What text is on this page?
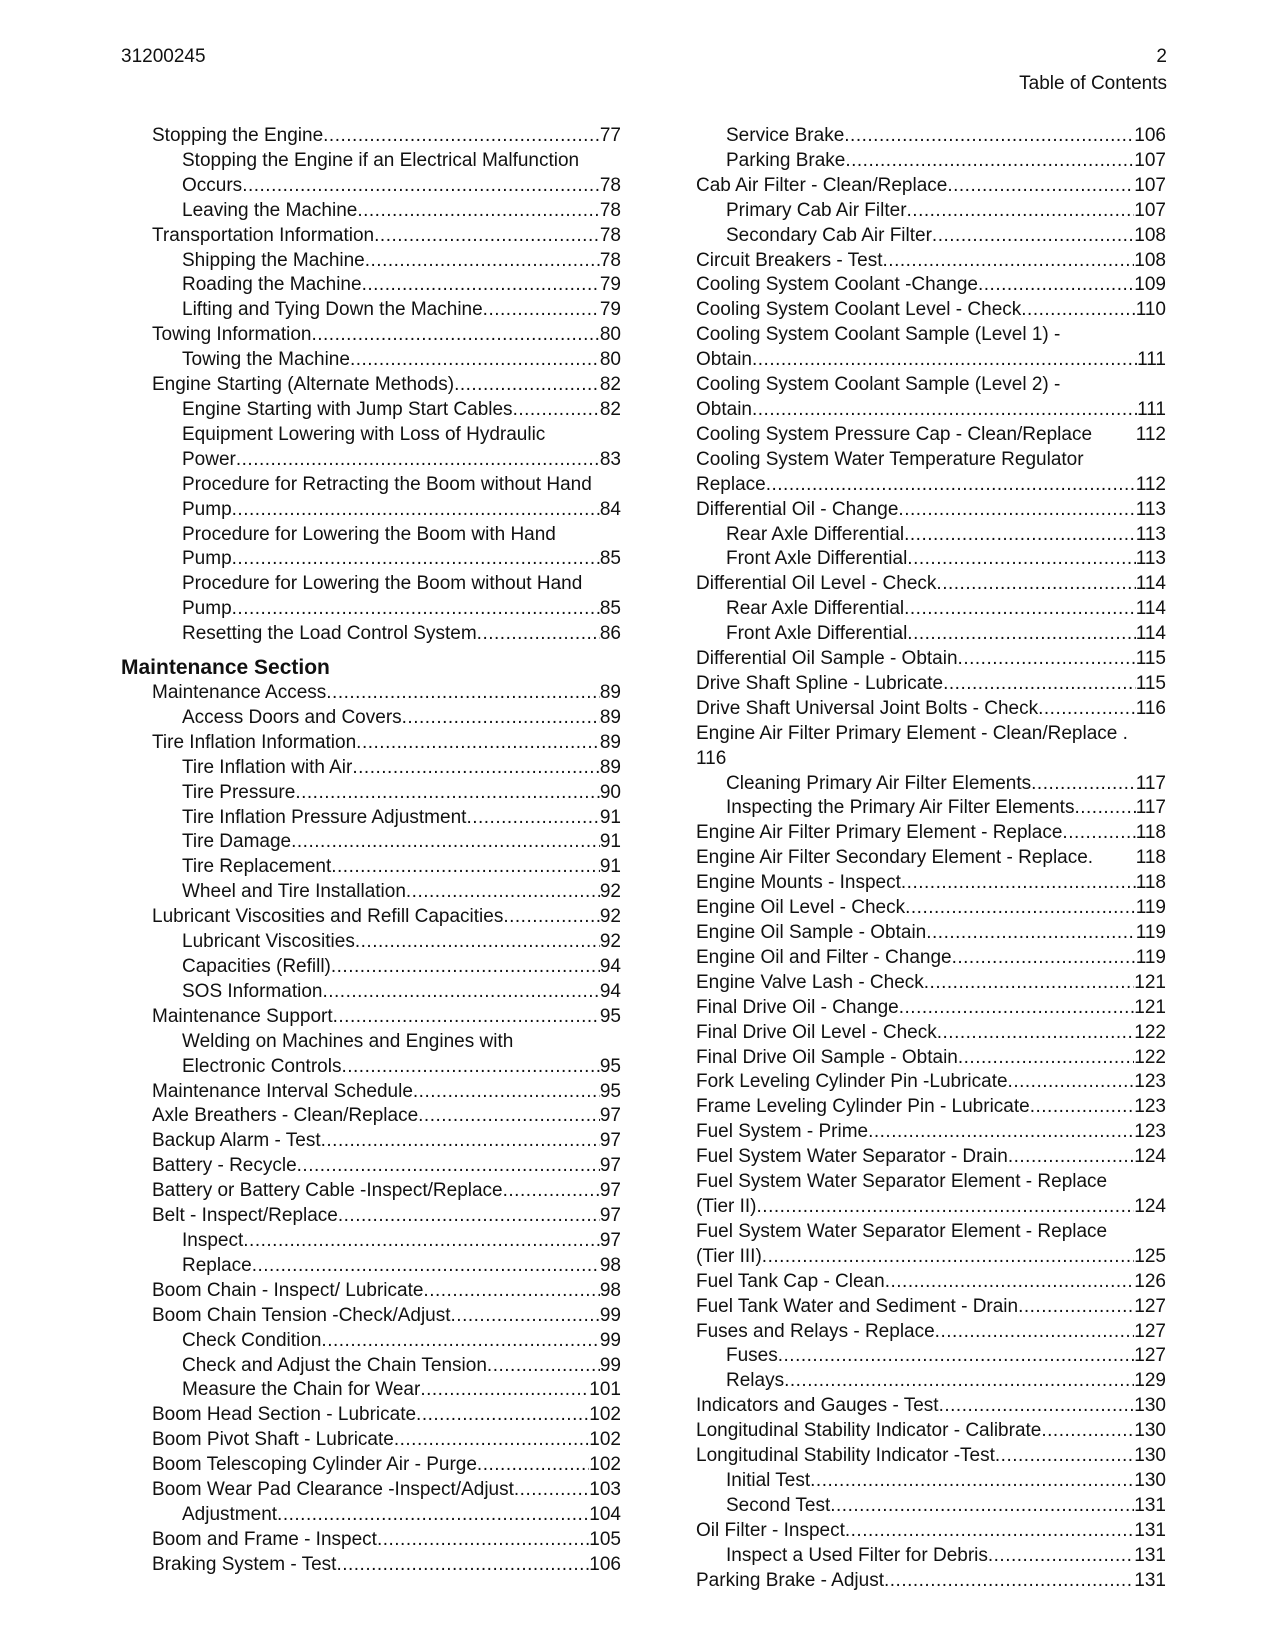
31200245	2
Table of Contents
Stopping the Engine .....	77
Stopping the Engine if an Electrical Malfunction
Occurs .....	78
Leaving the Machine .....	78
Transportation Information .....	78
Shipping the Machine .....	78
Roading the Machine .....	79
Lifting and Tying Down the Machine .....	79
Towing Information .....	80
Towing the Machine .....	80
Engine Starting (Alternate Methods) .....	82
Engine Starting with Jump Start Cables .....	82
Equipment Lowering with Loss of Hydraulic
Power .....	83
Procedure for Retracting the Boom without Hand
Pump .....	84
Procedure for Lowering the Boom with Hand
Pump .....	85
Procedure for Lowering the Boom without Hand
Pump .....	85
Resetting the Load Control System .....	86
Maintenance Section
Maintenance Access .....	89
Access Doors and Covers .....	89
Tire Inflation Information .....	89
Tire Inflation with Air .....	89
Tire Pressure .....	90
Tire Inflation Pressure Adjustment .....	91
Tire Damage .....	91
Tire Replacement .....	91
Wheel and Tire Installation .....	92
Lubricant Viscosities and Refill Capacities .....	92
Lubricant Viscosities .....	92
Capacities (Refill) .....	94
SOS Information .....	94
Maintenance Support .....	95
Welding on Machines and Engines with
Electronic Controls .....	95
Maintenance Interval Schedule .....	95
Axle Breathers - Clean/Replace .....	97
Backup Alarm - Test .....	97
Battery - Recycle .....	97
Battery or Battery Cable -Inspect/Replace .....	97
Belt - Inspect/Replace .....	97
Inspect .....	97
Replace .....	98
Boom Chain - Inspect/ Lubricate .....	98
Boom Chain Tension -Check/Adjust .....	99
Check Condition .....	99
Check and Adjust the Chain Tension .....	99
Measure the Chain for Wear .....	101
Boom Head Section - Lubricate .....	102
Boom Pivot Shaft - Lubricate .....	102
Boom Telescoping Cylinder Air - Purge .....	102
Boom Wear Pad Clearance -Inspect/Adjust .....	103
Adjustment .....	104
Boom and Frame - Inspect .....	105
Braking System - Test .....	106
Service Brake .....	106
Parking Brake .....	107
Cab Air Filter - Clean/Replace .....	107
Primary Cab Air Filter .....	107
Secondary Cab Air Filter .....	108
Circuit Breakers - Test .....	108
Cooling System Coolant -Change .....	109
Cooling System Coolant Level - Check .....	110
Cooling System Coolant Sample (Level 1) -
Obtain .....	111
Cooling System Coolant Sample (Level 2) -
Obtain .....	111
Cooling System Pressure Cap - Clean/Replace 112
Cooling System Water Temperature Regulator
Replace .....	112
Differential Oil - Change .....	113
Rear Axle Differential .....	113
Front Axle Differential .....	113
Differential Oil Level - Check .....	114
Rear Axle Differential .....	114
Front Axle Differential .....	114
Differential Oil Sample - Obtain .....	115
Drive Shaft Spline - Lubricate .....	115
Drive Shaft Universal Joint Bolts - Check .....	116
Engine Air Filter Primary Element - Clean/Replace .
116
Cleaning Primary Air Filter Elements .....	117
Inspecting the Primary Air Filter Elements .....	117
Engine Air Filter Primary Element - Replace .....	118
Engine Air Filter Secondary Element - Replace. 118
Engine Mounts - Inspect .....	118
Engine Oil Level - Check .....	119
Engine Oil Sample - Obtain .....	119
Engine Oil and Filter - Change .....	119
Engine Valve Lash - Check .....	121
Final Drive Oil - Change .....	121
Final Drive Oil Level - Check .....	122
Final Drive Oil Sample - Obtain .....	122
Fork Leveling Cylinder Pin -Lubricate .....	123
Frame Leveling Cylinder Pin - Lubricate .....	123
Fuel System - Prime .....	123
Fuel System Water Separator - Drain .....	124
Fuel System Water Separator Element - Replace
(Tier II) .....	124
Fuel System Water Separator Element - Replace
(Tier III) .....	125
Fuel Tank Cap - Clean .....	126
Fuel Tank Water and Sediment - Drain .....	127
Fuses and Relays - Replace .....	127
Fuses .....	127
Relays .....	129
Indicators and Gauges - Test .....	130
Longitudinal Stability Indicator - Calibrate .....	130
Longitudinal Stability Indicator -Test .....	130
Initial Test .....	130
Second Test .....	131
Oil Filter - Inspect .....	131
Inspect a Used Filter for Debris .....	131
Parking Brake - Adjust .....	131
